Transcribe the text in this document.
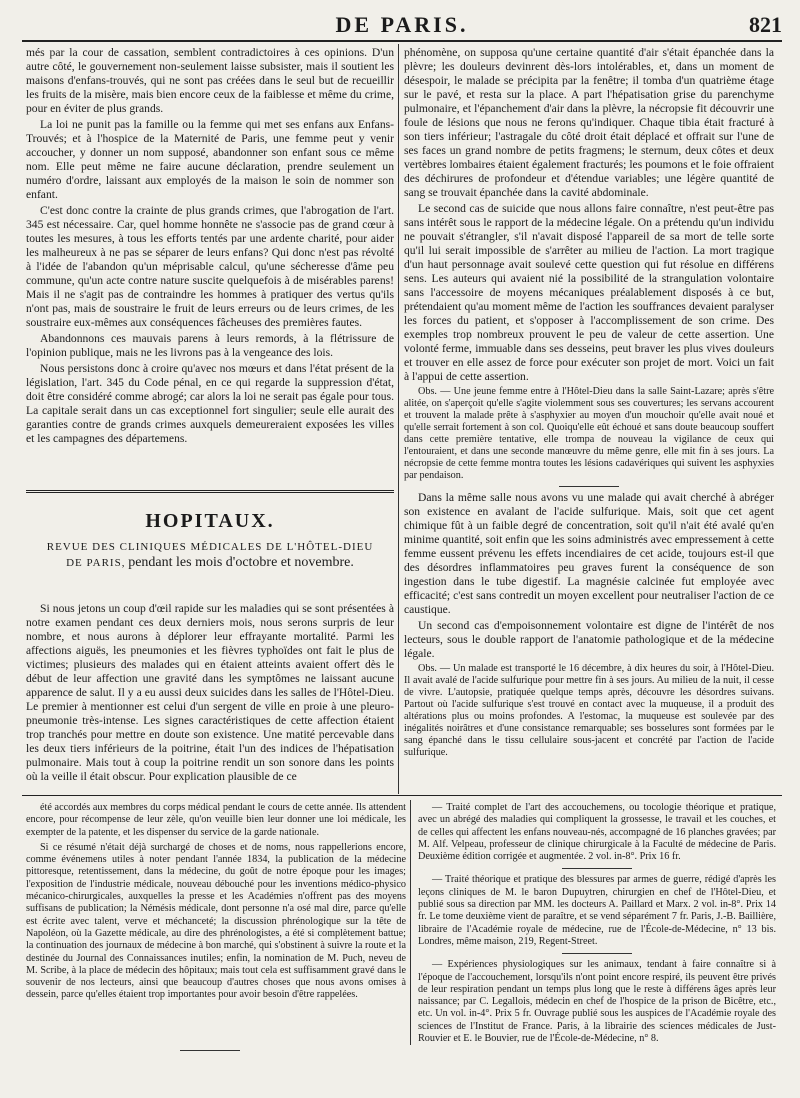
DE PARIS.	821

més par la cour de cassation, semblent contradictoires à ces opinions. D'un autre côté, le gouvernement non-seulement laisse subsister, mais il soutient les maisons d'enfans-trouvés, qui ne sont pas créées dans le seul but de recueillir les fruits de la misère, mais bien encore ceux de la faiblesse et même du crime, pour en éviter de plus grands.

La loi ne punit pas la famille ou la femme qui met ses enfans aux Enfans-Trouvés; et à l'hospice de la Maternité de Paris, une femme peut y venir accoucher, y donner un nom supposé, abandonner son enfant sous ce même nom. Elle peut même ne faire aucune déclaration, prendre seulement un numéro d'ordre, laissant aux employés de la maison le soin de nommer son enfant.

C'est donc contre la crainte de plus grands crimes, que l'abrogation de l'art. 345 est nécessaire. Car, quel homme honnête ne s'associe pas de grand cœur à toutes les mesures, à tous les efforts tentés par une ardente charité, pour aider les malheureux à ne pas se séparer de leurs enfans? Qui donc n'est pas révolté à l'idée de l'abandon qu'un méprisable calcul, qu'une sécheresse d'âme peu commune, qu'un acte contre nature suscite quelquefois à de misérables parens! Mais il ne s'agit pas de contraindre les hommes à pratiquer des vertus qu'ils n'ont pas, mais de soustraire le fruit de leurs erreurs ou de leurs crimes, de les soustraire eux-mêmes aux conséquences fâcheuses des premières fautes.

Abandonnons ces mauvais parens à leurs remords, à la flétrissure de l'opinion publique, mais ne les livrons pas à la vengeance des lois.

Nous persistons donc à croire qu'avec nos mœurs et dans l'état présent de la législation, l'art. 345 du Code pénal, en ce qui regarde la suppression d'état, doit être considéré comme abrogé; car alors la loi ne serait pas égale pour tous. La capitale serait dans un cas exceptionnel fort singulier; seule elle aurait des garanties contre de grands crimes auxquels demeureraient exposées les villes et les campagnes des départemens.

HOPITAUX.
REVUE DES CLINIQUES MÉDICALES DE L'HÔTEL-DIEU DE PARIS, pendant les mois d'octobre et novembre.

Si nous jetons un coup d'œil rapide sur les maladies qui se sont présentées à notre examen pendant ces deux derniers mois, nous serons surpris de leur nombre, et nous aurons à déplorer leur effrayante mortalité. Parmi les affections aiguës, les pneumonies et les fièvres typhoïdes ont fait le plus de victimes; plusieurs des malades qui en étaient atteints avaient offert dès le début de leur affection une gravité dans les symptômes ne laissant aucune apparence de salut. Il y a eu aussi deux suicides dans les salles de l'Hôtel-Dieu. Le premier à mentionner est celui d'un sergent de ville en proie à une pleuro-pneumonie très-intense. Les signes caractéristiques de cette affection étaient trop tranchés pour mettre en doute son existence. Une matité percevable dans les deux tiers inférieurs de la poitrine, était l'un des indices de l'hépatisation pulmonaire. Mais tout à coup la poitrine rendit un son sonore dans les points où la veille il était obscur. Pour explication plausible de ce

phénomène, on supposa qu'une certaine quantité d'air s'était épanchée dans la plèvre; les douleurs devinrent dès-lors intolérables, et, dans un moment de désespoir, le malade se précipita par la fenêtre; il tomba d'un quatrième étage sur le pavé, et resta sur la place. A part l'hépatisation grise du parenchyme pulmonaire, et l'épanchement d'air dans la plèvre, la nécropsie fit découvrir une foule de lésions que nous ne ferons qu'indiquer. Chaque tibia était fracturé à son tiers inférieur; l'astragale du côté droit était déplacé et offrait sur l'une de ses faces un grand nombre de petits fragmens; le sternum, deux côtes et deux vertèbres lombaires étaient également fracturés; les poumons et le foie offraient des déchirures de profondeur et d'étendue variables; une légère quantité de sang se trouvait épanchée dans la cavité abdominale.

Le second cas de suicide que nous allons faire connaître, n'est peut-être pas sans intérêt sous le rapport de la médecine légale. On a prétendu qu'un individu ne pouvait s'étrangler, s'il n'avait disposé l'appareil de sa mort de telle sorte qu'il lui serait impossible de s'arrêter au milieu de l'action. La mort tragique d'un haut personnage avait soulevé cette question qui fut résolue en différens sens. Les auteurs qui avaient nié la possibilité de la strangulation volontaire sans l'accessoire de moyens mécaniques préalablement disposés à ce but, prétendaient qu'au moment même de l'action les souffrances devaient paralyser les forces du patient, et s'opposer à l'accomplissement de son crime. Des exemples trop nombreux prouvent le peu de valeur de cette assertion. Une volonté ferme, immuable dans ses desseins, peut braver les plus vives douleurs et trouver en elle assez de force pour exécuter son projet de mort. Voici un fait à l'appui de cette assertion.

Obs. — Une jeune femme entre à l'Hôtel-Dieu dans la salle Saint-Lazare; après s'être alitée, on s'aperçoit qu'elle s'agite violemment sous ses couvertures; les servans accourent et trouvent la malade prête à s'asphyxier au moyen d'un mouchoir qu'elle avait noué et qu'elle serrait fortement à son col. Quoiqu'elle eût échoué et sans doute beaucoup souffert dans cette première tentative, elle trompa de nouveau la vigilance de ceux qui l'entouraient, et dans une seconde manœuvre du même genre, elle mit fin à ses jours. La nécropsie de cette femme montra toutes les lésions cadavériques qui suivent les asphyxies par pendaison.

Dans la même salle nous avons vu une malade qui avait cherché à abréger son existence en avalant de l'acide sulfurique. Mais, soit que cet agent chimique fût à un faible degré de concentration, soit qu'il n'ait été avalé qu'en minime quantité, soit enfin que les soins administrés avec empressement à cette femme eussent prévenu les effets incendiaires de cet acide, toujours est-il que des désordres inflammatoires peu graves furent la conséquence de son ingestion dans le tube digestif. La magnésie calcinée fut employée avec efficacité; c'est sans contredit un moyen excellent pour neutraliser l'action de ce caustique.

Un second cas d'empoisonnement volontaire est digne de l'intérêt de nos lecteurs, sous le double rapport de l'anatomie pathologique et de la médecine légale.

Obs. — Un malade est transporté le 16 décembre, à dix heures du soir, à l'Hôtel-Dieu. Il avait avalé de l'acide sulfurique pour mettre fin à ses jours. Au milieu de la nuit, il cesse de vivre. L'autopsie, pratiquée quelque temps après, découvre les désordres suivans. Partout où l'acide sulfurique s'est trouvé en contact avec la muqueuse, il a produit des altérations plus ou moins profondes. A l'estomac, la muqueuse est soulevée par des inégalités noirâtres et d'une consistance remarquable; ses bosselures sont formées par le sang épanché dans le tissu cellulaire sous-jacent et concrété par l'action de l'acide sulfurique.

été accordés aux membres du corps médical pendant le cours de cette année. Ils attendent encore, pour récompense de leur zèle, qu'on veuille bien leur donner une loi médicale, les exempter de la patente, et les dispenser du service de la garde nationale.

Si ce résumé n'était déjà surchargé de choses et de noms, nous rappellerions encore, comme événemens utiles à noter pendant l'année 1834, la publication de la médecine pittoresque, retentissement, dans la médecine, du goût de notre époque pour les images; l'exposition de l'industrie médicale, nouveau débouché pour les inventions médico-physico mécanico-chirurgicales, auxquelles la presse et les Académies n'offrent pas des moyens suffisans de publication; la Némésis médicale, dont personne n'a osé mal dire, parce qu'elle est écrite avec talent, verve et méchanceté; la discussion phrénologique sur la tête de Napoléon, où la Gazette médicale, au dire des phrénologistes, a été si complètement battue; la continuation des journaux de médecine à bon marché, qui s'obstinent à suivre la route et la destinée du Journal des Connaissances inutiles; enfin, la nomination de M. Puch, neveu de M. Scribe, à la place de médecin des hôpitaux; mais tout cela est suffisamment gravé dans le souvenir de nos lecteurs, ainsi que beaucoup d'autres choses que nous avons omises à dessein, parce qu'elles étaient trop importantes pour avoir besoin d'être rappelées.

— Traité complet de l'art des accouchemens, ou tocologie théorique et pratique, avec un abrégé des maladies qui compliquent la grossesse, le travail et les couches, et de celles qui affectent les enfans nouveau-nés, accompagné de 16 planches gravées; par M. Alf. Velpeau, professeur de clinique chirurgicale à la Faculté de médecine de Paris. Deuxième édition corrigée et augmentée. 2 vol. in-8°. Prix 16 fr.

— Traité théorique et pratique des blessures par armes de guerre, rédigé d'après les leçons cliniques de M. le baron Dupuytren, chirurgien en chef de l'Hôtel-Dieu, et publié sous sa direction par MM. les docteurs A. Paillard et Marx. 2 vol. in-8°. Prix 14 fr. Le tome deuxième vient de paraître, et se vend séparément 7 fr. Paris, J.-B. Baillière, libraire de l'Académie royale de médecine, rue de l'École-de-Médecine, n° 13 bis. Londres, même maison, 219, Regent-Street.

— Expériences physiologiques sur les animaux, tendant à faire connaître si à l'époque de l'accouchement, lorsqu'ils n'ont point encore respiré, ils peuvent être privés de leur respiration pendant un temps plus long que le reste à différens âges après leur naissance; par C. Legallois, médecin en chef de l'hospice de la prison de Bicêtre, etc., etc. Un vol. in-4°. Prix 5 fr. Ouvrage publié sous les auspices de l'Académie royale des sciences de l'Institut de France. Paris, à la librairie des sciences médicales de Just-Rouvier et E. le Bouvier, rue de l'École-de-Médecine, n° 8.
